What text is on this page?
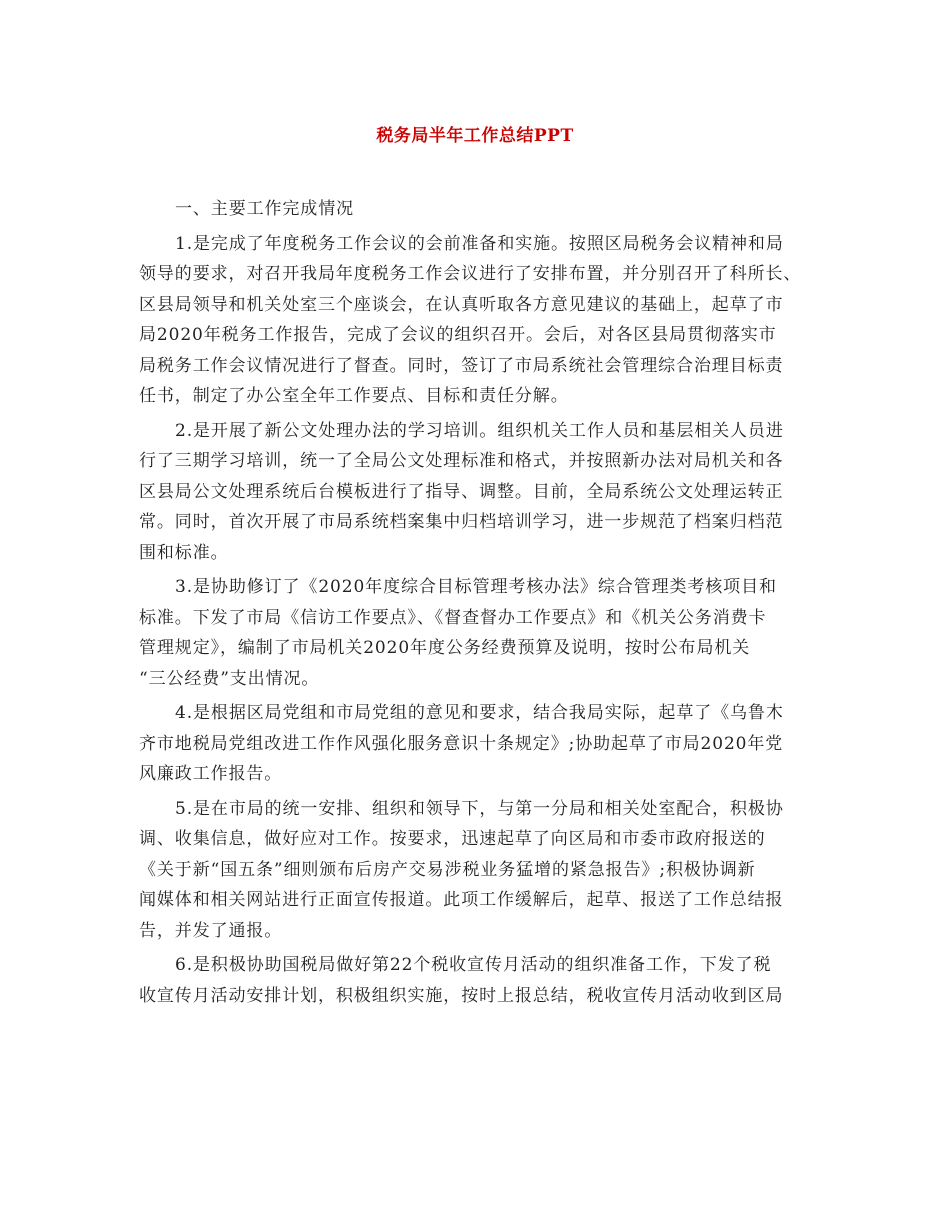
税务局半年工作总结PPT

一、主要工作完成情况

1.是完成了年度税务工作会议的会前准备和实施。按照区局税务会议精神和局
领导的要求，对召开我局年度税务工作会议进行了安排布置，并分别召开了科所长、
区县局领导和机关处室三个座谈会，在认真听取各方意见建议的基础上，起草了市
局2020年税务工作报告，完成了会议的组织召开。会后，对各区县局贯彻落实市
局税务工作会议情况进行了督查。同时，签订了市局系统社会管理综合治理目标责
任书，制定了办公室全年工作要点、目标和责任分解。

2.是开展了新公文处理办法的学习培训。组织机关工作人员和基层相关人员进
行了三期学习培训，统一了全局公文处理标准和格式，并按照新办法对局机关和各
区县局公文处理系统后台模板进行了指导、调整。目前，全局系统公文处理运转正
常。同时，首次开展了市局系统档案集中归档培训学习，进一步规范了档案归档范
围和标准。

3.是协助修订了《2020年度综合目标管理考核办法》综合管理类考核项目和
标准。下发了市局《信访工作要点》、《督查督办工作要点》和《机关公务消费卡
管理规定》，编制了市局机关2020年度公务经费预算及说明，按时公布局机关
“三公经费”支出情况。

4.是根据区局党组和市局党组的意见和要求，结合我局实际，起草了《乌鲁木
齐市地税局党组改进工作作风强化服务意识十条规定》;协助起草了市局2020年党
风廉政工作报告。

5.是在市局的统一安排、组织和领导下，与第一分局和相关处室配合，积极协
调、收集信息，做好应对工作。按要求，迅速起草了向区局和市委市政府报送的
《关于新“国五条”细则颁布后房产交易涉税业务猛增的紧急报告》;积极协调新
闻媒体和相关网站进行正面宣传报道。此项工作缓解后，起草、报送了工作总结报
告，并发了通报。

6.是积极协助国税局做好第22个税收宣传月活动的组织准备工作，下发了税
收宣传月活动安排计划，积极组织实施，按时上报总结，税收宣传月活动收到区局
